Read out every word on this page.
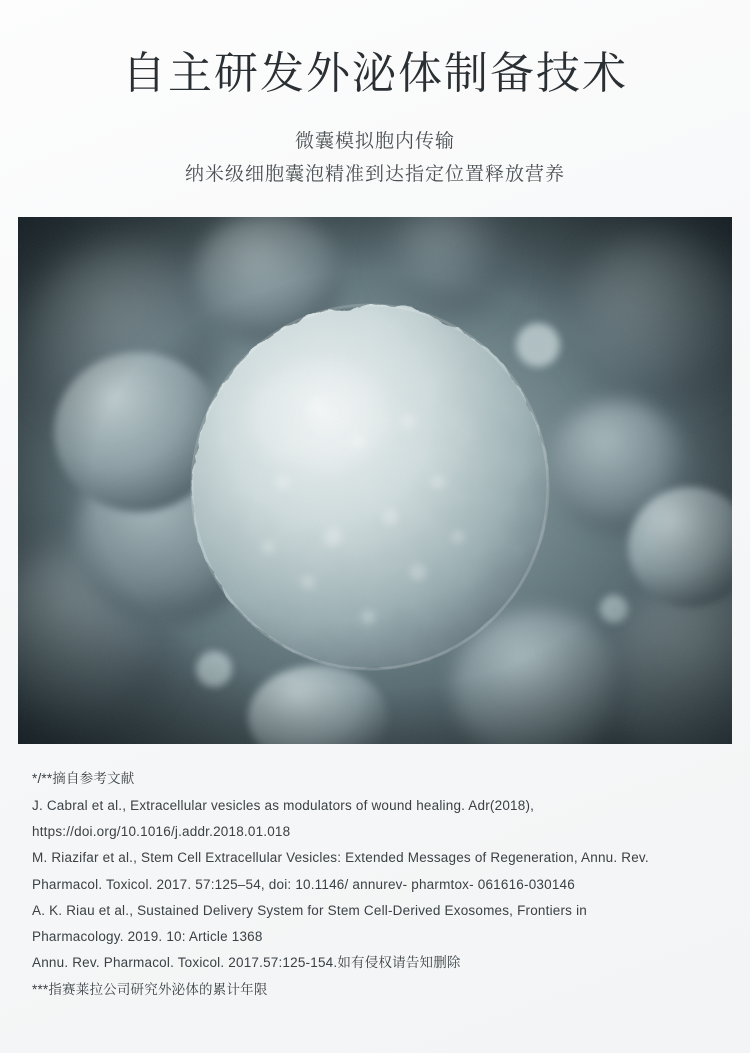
自主研发外泌体制备技术
微囊模拟胞内传输
纳米级细胞囊泡精准到达指定位置释放营养
*/**摘自参考文献
J. Cabral et al., Extracellular vesicles as modulators of wound healing. Adr(2018),
https://doi.org/10.1016/j.addr.2018.01.018
M. Riazifar et al., Stem Cell Extracellular Vesicles: Extended Messages of Regeneration, Annu. Rev.
Pharmacol. Toxicol. 2017. 57:125–54, doi: 10.1146/ annurev- pharmtox- 061616-030146
A. K. Riau et al., Sustained Delivery System for Stem Cell-Derived Exosomes, Frontiers in
Pharmacology. 2019. 10: Article 1368
Annu. Rev. Pharmacol. Toxicol. 2017.57:125-154.如有侵权请告知删除
***指赛莱拉公司研究外泌体的累计年限
